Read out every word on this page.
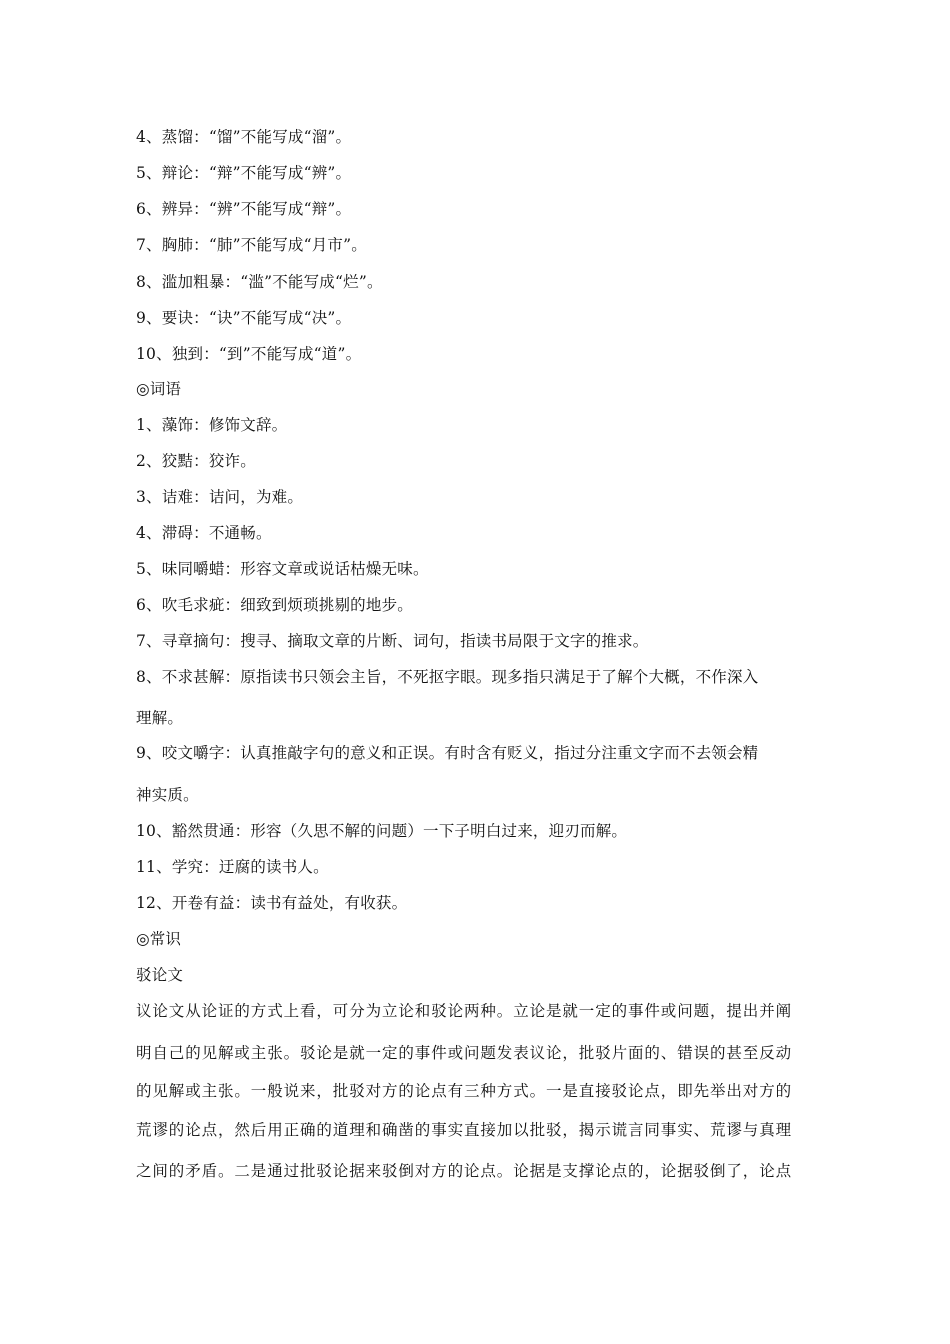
4、蒸馏：“馏”不能写成“溜”。
5、辩论：“辩”不能写成“辨”。
6、辨异：“辨”不能写成“辩”。
7、胸肺：“肺”不能写成“月市”。
8、滥加粗暴：“滥”不能写成“烂”。
9、要诀：“诀”不能写成“决”。
10、独到：“到”不能写成“道”。
◎词语
1、藻饰：修饰文辞。
2、狡黠：狡诈。
3、诘难：诘问，为难。
4、滞碍：不通畅。
5、味同嚼蜡：形容文章或说话枯燥无味。
6、吹毛求疵：细致到烦琐挑剔的地步。
7、寻章摘句：搜寻、摘取文章的片断、词句，指读书局限于文字的推求。
8、不求甚解：原指读书只领会主旨，不死抠字眼。现多指只满足于了解个大概，不作深入
理解。
9、咬文嚼字：认真推敲字句的意义和正误。有时含有贬义，指过分注重文字而不去领会精
神实质。
10、豁然贯通：形容（久思不解的问题）一下子明白过来，迎刃而解。
11、学究：迂腐的读书人。
12、开卷有益：读书有益处，有收获。
◎常识
驳论文
议论文从论证的方式上看，可分为立论和驳论两种。立论是就一定的事件或问题，提出并阐
明自己的见解或主张。驳论是就一定的事件或问题发表议论，批驳片面的、错误的甚至反动
的见解或主张。一般说来，批驳对方的论点有三种方式。一是直接驳论点，即先举出对方的
荒谬的论点，然后用正确的道理和确凿的事实直接加以批驳，揭示谎言同事实、荒谬与真理
之间的矛盾。二是通过批驳论据来驳倒对方的论点。论据是支撑论点的，论据驳倒了，论点
